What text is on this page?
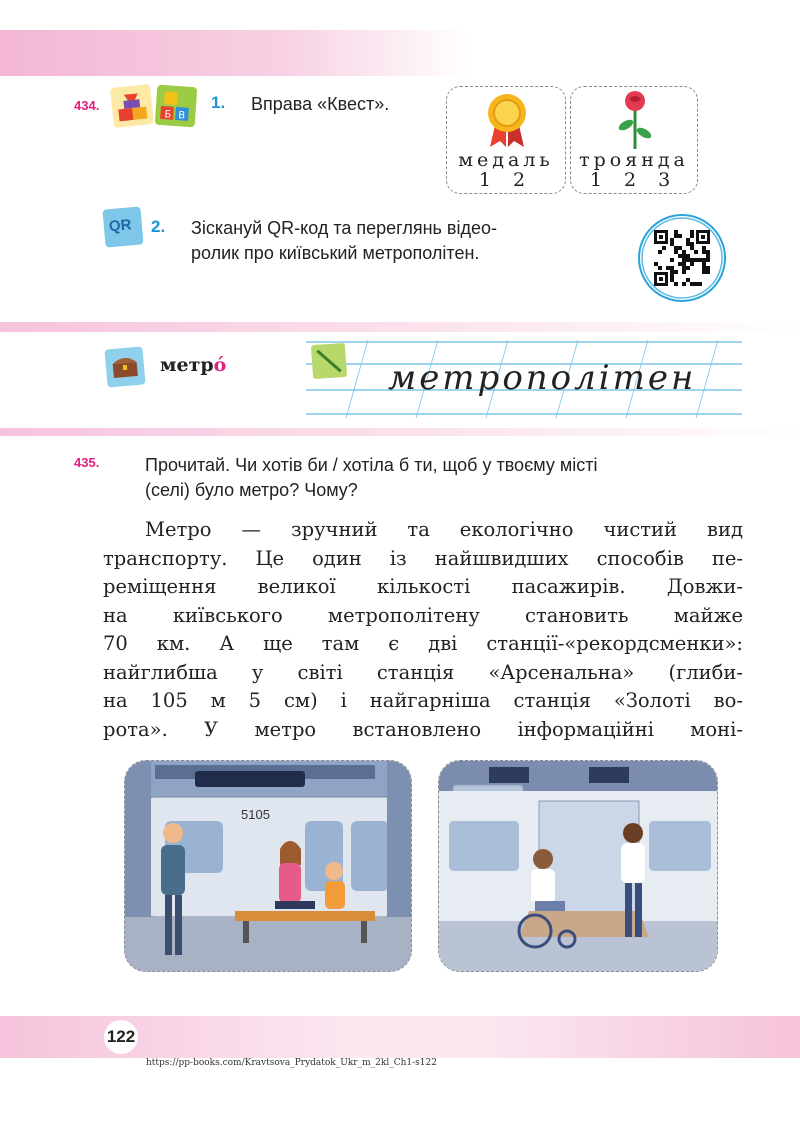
434.
Б В
1. Вправа «Квест».
медаль
1 2
троянда
1 2 3
QR 2. Зіскануй QR-код та переглянь відео-
ролик про київський метрополітен.
метро́	метрополітен
435.	Прочитай. Чи хотів би / хотіла б ти, щоб у твоєму місті
(селі) було метро? Чому?
Метро — зручний та екологічно чистий вид
транспорту. Це один із найшвидших способів пе-
реміщення великої кількості пасажирів. Довжи-
на київського метрополітену становить майже
70 км. А ще там є дві станції-«рекордсменки»:
найглибша у світі станція «Арсенальна» (глиби-
на 105 м 5 см) і найгарніша станція «Золоті во-
рота». У метро встановлено інформаційні моні-
5105
122
https://pp-books.com/Kravtsova_Prydatok_Ukr_m_2kl_Ch1-s122
